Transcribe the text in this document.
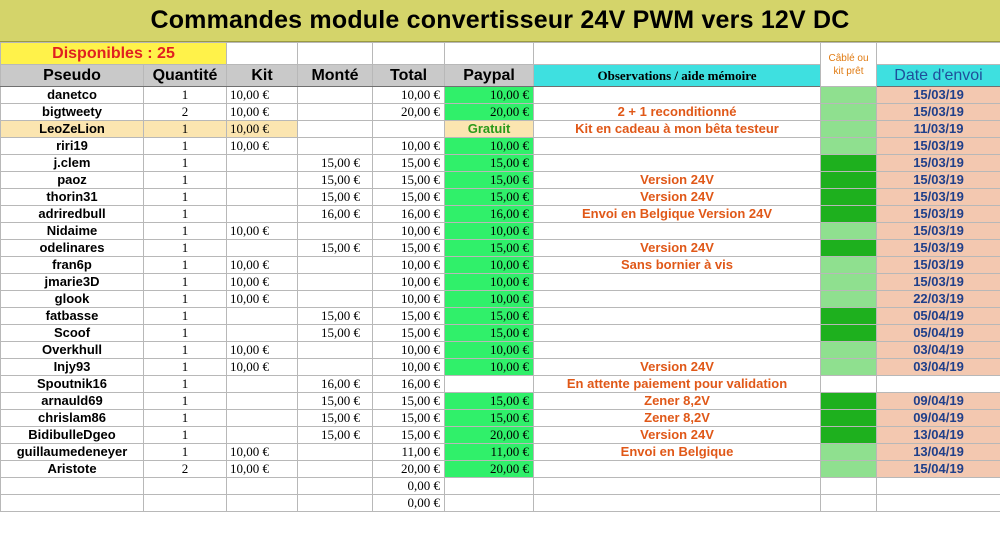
Commandes module convertisseur 24V PWM vers 12V DC
Disponibles : 25							Câblé ou kit prêt	
Pseudo	Quantité	Kit	Monté	Total	Paypal	Observations / aide mémoire		Date d'envoi
danetco	1	10,00 €		10,00 €	10,00 €			15/03/19
bigtweety	2	10,00 €		20,00 €	20,00 €	2 + 1 reconditionné		15/03/19
LeoZeLion	1	10,00 €			Gratuit	Kit en cadeau à mon bêta testeur		11/03/19
riri19	1	10,00 €		10,00 €	10,00 €			15/03/19
j.clem	1		15,00 €	15,00 €	15,00 €			15/03/19
paoz	1		15,00 €	15,00 €	15,00 €	Version 24V		15/03/19
thorin31	1		15,00 €	15,00 €	15,00 €	Version 24V		15/03/19
adriredbull	1		16,00 €	16,00 €	16,00 €	Envoi en Belgique Version 24V		15/03/19
Nidaime	1	10,00 €		10,00 €	10,00 €			15/03/19
odelinares	1		15,00 €	15,00 €	15,00 €	Version 24V		15/03/19
fran6p	1	10,00 €		10,00 €	10,00 €	Sans bornier à vis		15/03/19
jmarie3D	1	10,00 €		10,00 €	10,00 €			15/03/19
glook	1	10,00 €		10,00 €	10,00 €			22/03/19
fatbasse	1		15,00 €	15,00 €	15,00 €			05/04/19
Scoof	1		15,00 €	15,00 €	15,00 €			05/04/19
Overkhull	1	10,00 €		10,00 €	10,00 €			03/04/19
Injy93	1	10,00 €		10,00 €	10,00 €	Version 24V		03/04/19
Spoutnik16	1		16,00 €	16,00 €		En attente paiement pour validation		
arnauld69	1		15,00 €	15,00 €	15,00 €	Zener 8,2V		09/04/19
chrislam86	1		15,00 €	15,00 €	15,00 €	Zener 8,2V		09/04/19
BidibulleDgeo	1		15,00 €	15,00 €	20,00 €	Version 24V		13/04/19
guillaumedeneyer	1	10,00 €		11,00 €	11,00 €	Envoi en Belgique		13/04/19
Aristote	2	10,00 €		20,00 €	20,00 €			15/04/19
				0,00 €				
				0,00 €				
